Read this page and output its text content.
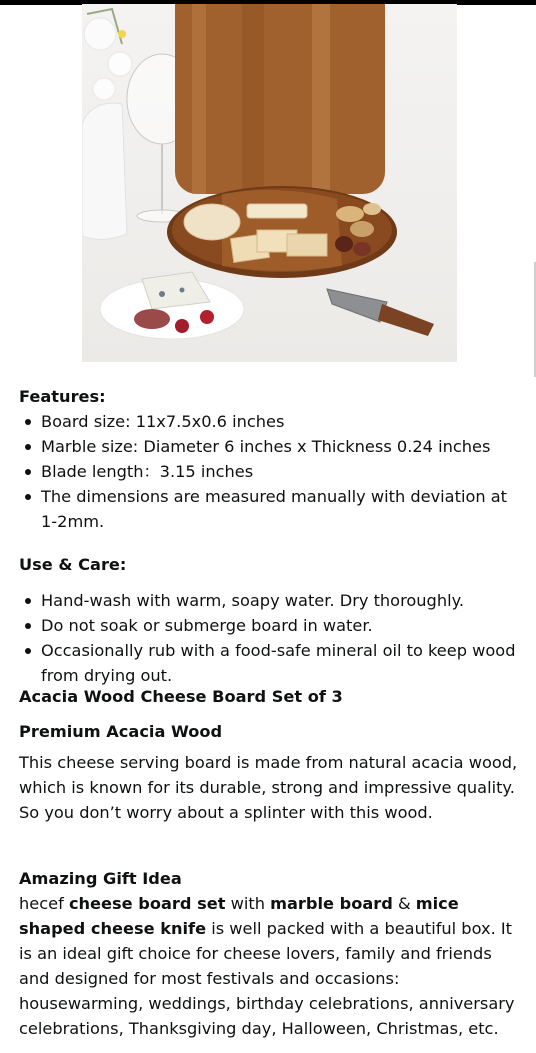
Features:
Board size: 11x7.5x0.6 inches
Marble size: Diameter 6 inches x Thickness 0.24 inches
Blade length：3.15 inches
The dimensions are measured manually with deviation at 1-2mm.
Use & Care:
Hand-wash with warm, soapy water. Dry thoroughly.
Do not soak or submerge board in water.
Occasionally rub with a food-safe mineral oil to keep wood from drying out.
Acacia Wood Cheese Board Set of 3
Premium Acacia Wood

This cheese serving board is made from natural acacia wood, which is known for its durable, strong and impressive quality. So you don’t worry about a splinter with this wood.

Amazing Gift Idea

hecef cheese board set with marble board & mice shaped cheese knife is well packed with a beautiful box. It is an ideal gift choice for cheese lovers, family and friends and designed for most festivals and occasions: housewarming, weddings, birthday celebrations, anniversary celebrations, Thanksgiving day, Halloween, Christmas, etc.
